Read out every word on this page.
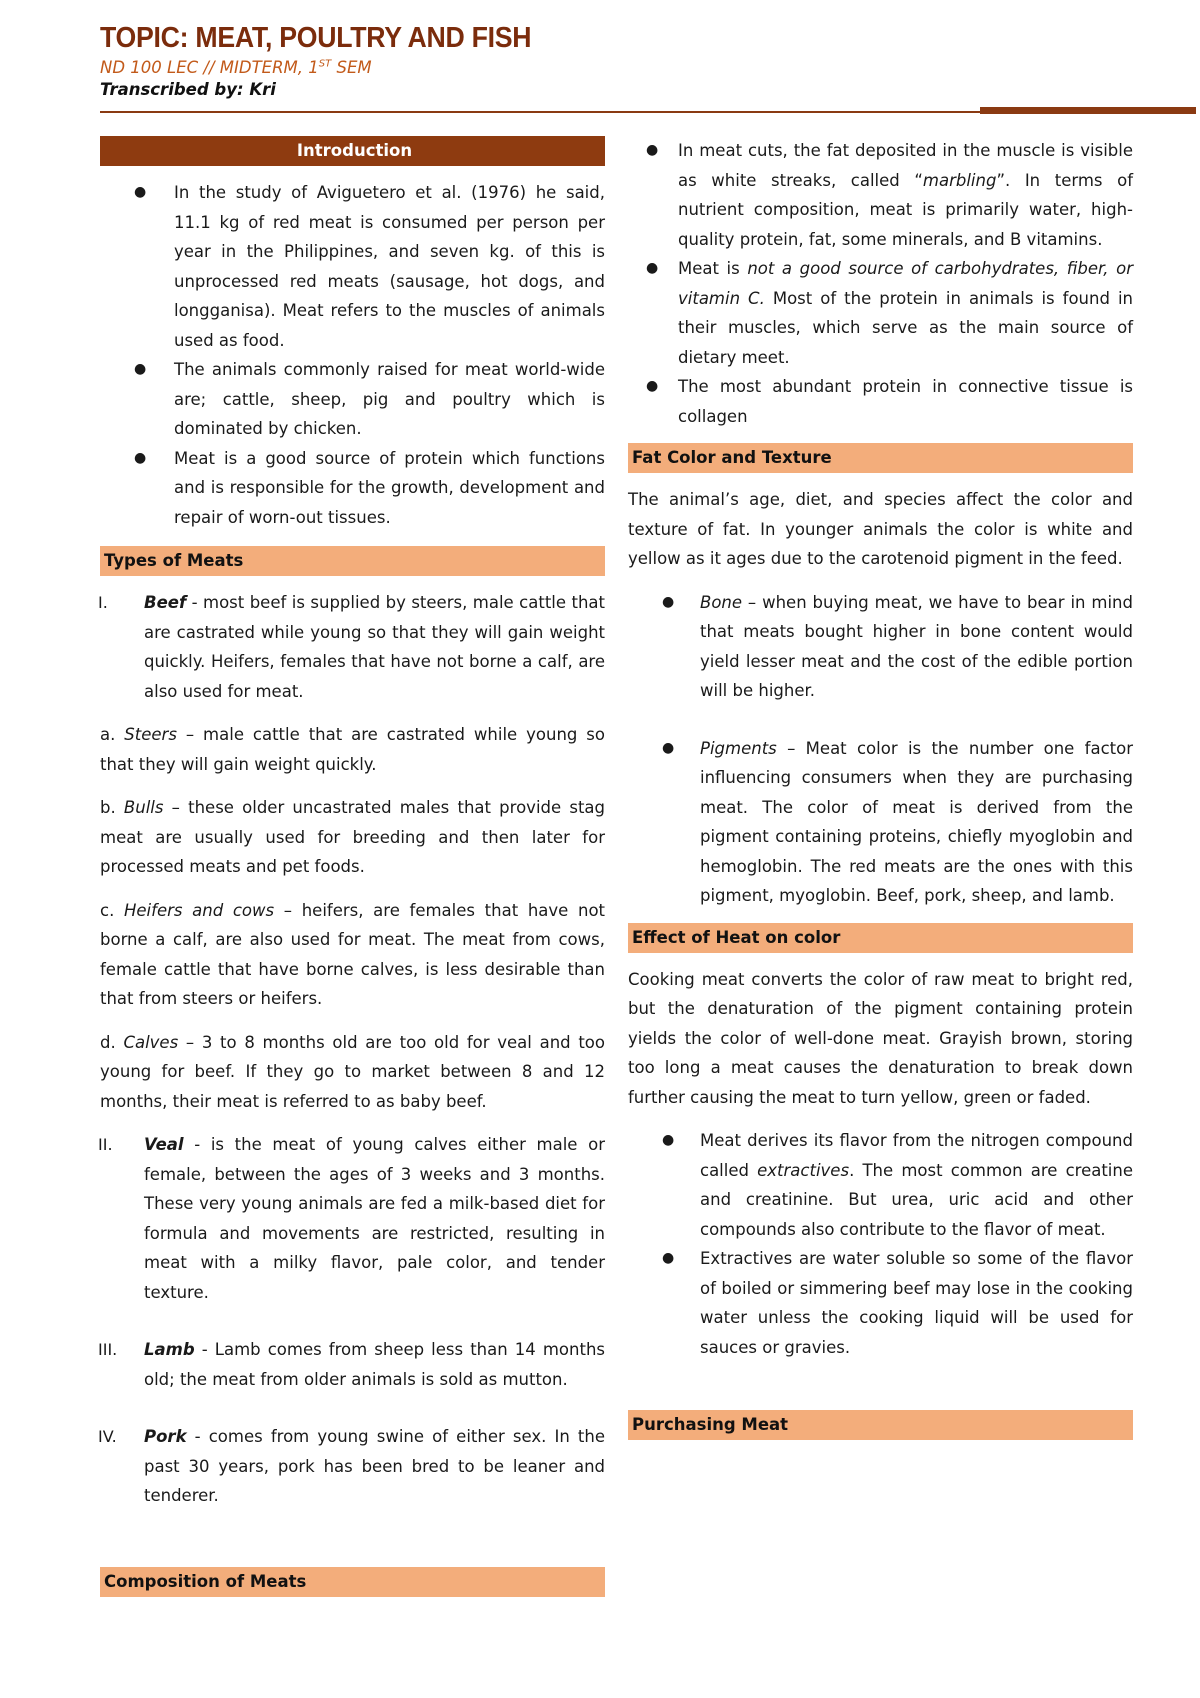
TOPIC: MEAT, POULTRY AND FISH
ND 100 LEC // MIDTERM, 1ST SEM
Transcribed by: Kri
Introduction
● In the study of Aviguetero et al. (1976) he said, 11.1 kg of red meat is consumed per person per year in the Philippines, and seven kg. of this is unprocessed red meats (sausage, hot dogs, and longganisa). Meat refers to the muscles of animals used as food.
● The animals commonly raised for meat world-wide are; cattle, sheep, pig and poultry which is dominated by chicken.
● Meat is a good source of protein which functions and is responsible for the growth, development and repair of worn-out tissues.
Types of Meats
I. Beef - most beef is supplied by steers, male cattle that are castrated while young so that they will gain weight quickly. Heifers, females that have not borne a calf, are also used for meat.
a. Steers – male cattle that are castrated while young so that they will gain weight quickly.
b. Bulls – these older uncastrated males that provide stag meat are usually used for breeding and then later for processed meats and pet foods.
c. Heifers and cows – heifers, are females that have not borne a calf, are also used for meat. The meat from cows, female cattle that have borne calves, is less desirable than that from steers or heifers.
d. Calves – 3 to 8 months old are too old for veal and too young for beef. If they go to market between 8 and 12 months, their meat is referred to as baby beef.
II. Veal - is the meat of young calves either male or female, between the ages of 3 weeks and 3 months. These very young animals are fed a milk-based diet for formula and movements are restricted, resulting in meat with a milky flavor, pale color, and tender texture.
III. Lamb - Lamb comes from sheep less than 14 months old; the meat from older animals is sold as mutton.
IV. Pork - comes from young swine of either sex. In the past 30 years, pork has been bred to be leaner and tenderer.
Composition of Meats
● In meat cuts, the fat deposited in the muscle is visible as white streaks, called “marbling”. In terms of nutrient composition, meat is primarily water, high-quality protein, fat, some minerals, and B vitamins.
● Meat is not a good source of carbohydrates, fiber, or vitamin C. Most of the protein in animals is found in their muscles, which serve as the main source of dietary meet.
● The most abundant protein in connective tissue is collagen
Fat Color and Texture
The animal’s age, diet, and species affect the color and texture of fat. In younger animals the color is white and yellow as it ages due to the carotenoid pigment in the feed.
● Bone – when buying meat, we have to bear in mind that meats bought higher in bone content would yield lesser meat and the cost of the edible portion will be higher.
● Pigments – Meat color is the number one factor influencing consumers when they are purchasing meat. The color of meat is derived from the pigment containing proteins, chiefly myoglobin and hemoglobin. The red meats are the ones with this pigment, myoglobin. Beef, pork, sheep, and lamb.
Effect of Heat on color
Cooking meat converts the color of raw meat to bright red, but the denaturation of the pigment containing protein yields the color of well-done meat. Grayish brown, storing too long a meat causes the denaturation to break down further causing the meat to turn yellow, green or faded.
● Meat derives its flavor from the nitrogen compound called extractives. The most common are creatine and creatinine. But urea, uric acid and other compounds also contribute to the flavor of meat.
● Extractives are water soluble so some of the flavor of boiled or simmering beef may lose in the cooking water unless the cooking liquid will be used for sauces or gravies.
Purchasing Meat
